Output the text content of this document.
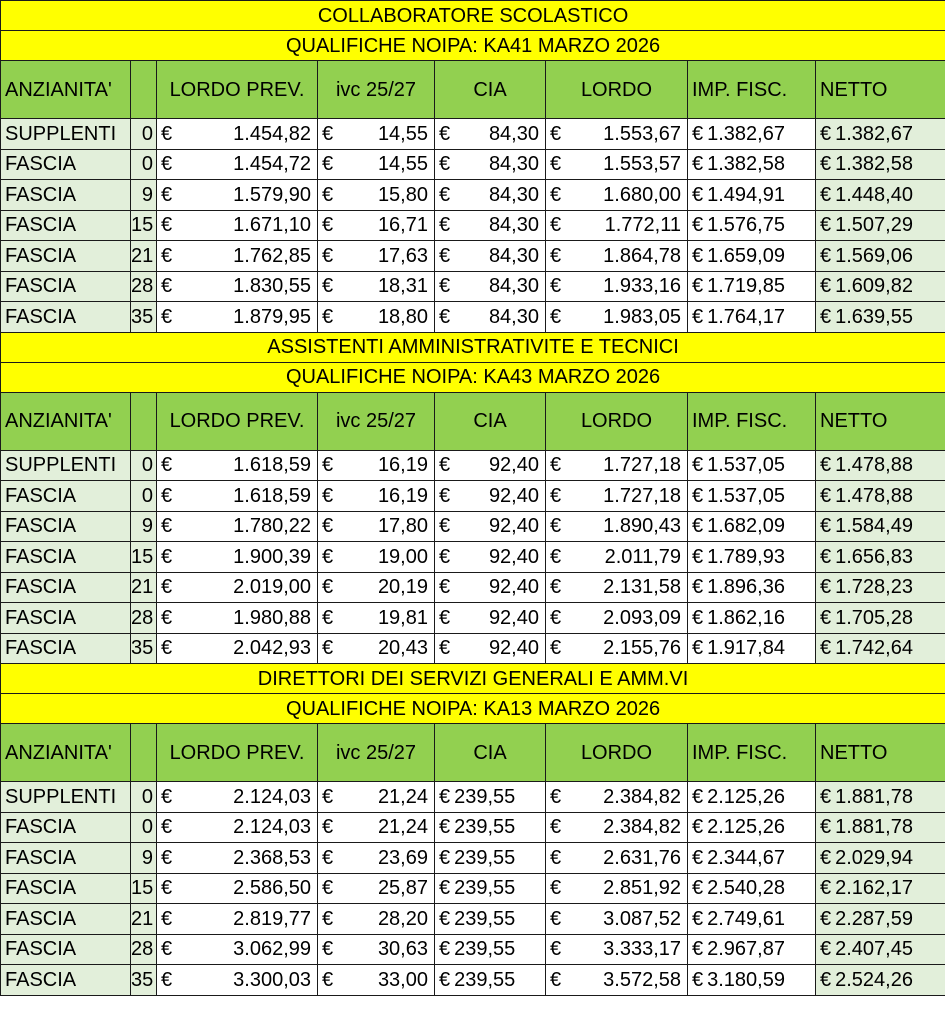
COLLABORATORE SCOLASTICO							
QUALIFICHE NOIPA: KA41 MARZO 2026							
ANZIANITA'		LORDO PREV.	ivc 25/27	CIA	LORDO	IMP. FISC.	NETTO
SUPPLENTI	0	€ 1.454,82	€ 14,55	€ 84,30	€ 1.553,67	€ 1.382,67	€ 1.382,67

FASCIA	0	€ 1.454,72	€ 14,55	€ 84,30	€ 1.553,57	€ 1.382,58	€ 1.382,58

FASCIA	9	€ 1.579,90	€ 15,80	€ 84,30	€ 1.680,00	€ 1.494,91	€ 1.448,40

FASCIA	15	€ 1.671,10	€ 16,71	€ 84,30	€ 1.772,11	€ 1.576,75	€ 1.507,29

FASCIA	21	€ 1.762,85	€ 17,63	€ 84,30	€ 1.864,78	€ 1.659,09	€ 1.569,06

FASCIA	28	€ 1.830,55	€ 18,31	€ 84,30	€ 1.933,16	€ 1.719,85	€ 1.609,82

FASCIA	35	€ 1.879,95	€ 18,80	€ 84,30	€ 1.983,05	€ 1.764,17	€ 1.639,55

ASSISTENTI AMMINISTRATIVITE E TECNICI							
QUALIFICHE NOIPA: KA43 MARZO 2026							
ANZIANITA'		LORDO PREV.	ivc 25/27	CIA	LORDO	IMP. FISC.	NETTO
SUPPLENTI	0	€ 1.618,59	€ 16,19	€ 92,40	€ 1.727,18	€ 1.537,05	€ 1.478,88

FASCIA	0	€ 1.618,59	€ 16,19	€ 92,40	€ 1.727,18	€ 1.537,05	€ 1.478,88

FASCIA	9	€ 1.780,22	€ 17,80	€ 92,40	€ 1.890,43	€ 1.682,09	€ 1.584,49

FASCIA	15	€ 1.900,39	€ 19,00	€ 92,40	€ 2.011,79	€ 1.789,93	€ 1.656,83

FASCIA	21	€ 2.019,00	€ 20,19	€ 92,40	€ 2.131,58	€ 1.896,36	€ 1.728,23

FASCIA	28	€ 1.980,88	€ 19,81	€ 92,40	€ 2.093,09	€ 1.862,16	€ 1.705,28

FASCIA	35	€ 2.042,93	€ 20,43	€ 92,40	€ 2.155,76	€ 1.917,84	€ 1.742,64

DIRETTORI DEI SERVIZI GENERALI E AMM.VI							
QUALIFICHE NOIPA: KA13 MARZO 2026							
ANZIANITA'		LORDO PREV.	ivc 25/27	CIA	LORDO	IMP. FISC.	NETTO
SUPPLENTI	0	€ 2.124,03	€ 21,24	€ 239,55	€ 2.384,82	€ 2.125,26	€ 1.881,78

FASCIA	0	€ 2.124,03	€ 21,24	€ 239,55	€ 2.384,82	€ 2.125,26	€ 1.881,78

FASCIA	9	€ 2.368,53	€ 23,69	€ 239,55	€ 2.631,76	€ 2.344,67	€ 2.029,94

FASCIA	15	€ 2.586,50	€ 25,87	€ 239,55	€ 2.851,92	€ 2.540,28	€ 2.162,17

FASCIA	21	€ 2.819,77	€ 28,20	€ 239,55	€ 3.087,52	€ 2.749,61	€ 2.287,59

FASCIA	28	€ 3.062,99	€ 30,63	€ 239,55	€ 3.333,17	€ 2.967,87	€ 2.407,45

FASCIA	35	€ 3.300,03	€ 33,00	€ 239,55	€ 3.572,58	€ 3.180,59	€ 2.524,26
